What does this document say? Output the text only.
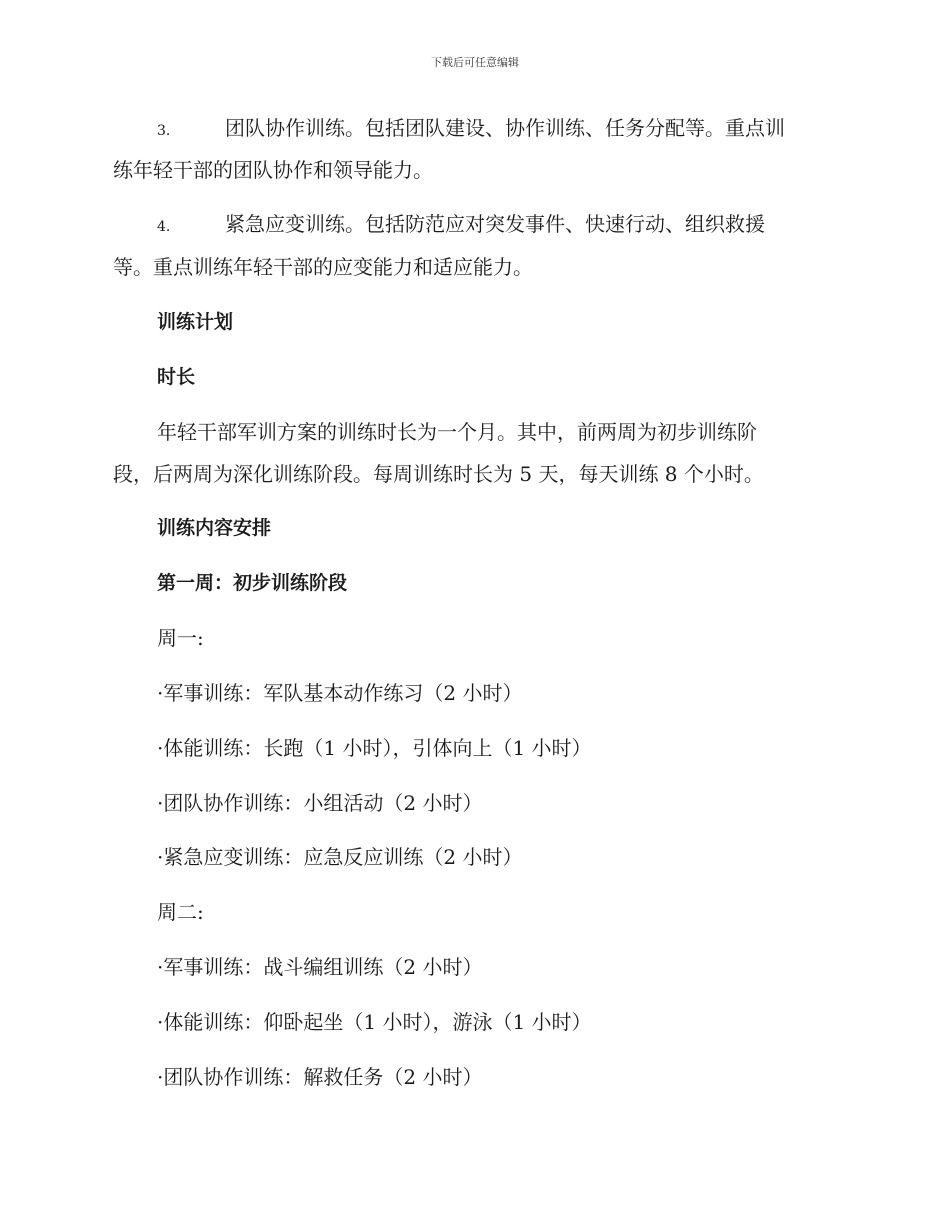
下载后可任意编辑
3.	团队协作训练。包括团队建设、协作训练、任务分配等。重点训
练年轻干部的团队协作和领导能力。
4.	紧急应变训练。包括防范应对突发事件、快速行动、组织救援
等。重点训练年轻干部的应变能力和适应能力。
训练计划
时长
年轻干部军训方案的训练时长为一个月。其中，前两周为初步训练阶
段，后两周为深化训练阶段。每周训练时长为 5 天，每天训练 8 个小时。
训练内容安排
第一周：初步训练阶段
周一:
·军事训练：军队基本动作练习（2 小时）
·体能训练：长跑（1 小时），引体向上（1 小时）
·团队协作训练：小组活动（2 小时）
·紧急应变训练：应急反应训练（2 小时）
周二:
·军事训练：战斗编组训练（2 小时）
·体能训练：仰卧起坐（1 小时），游泳（1 小时）
·团队协作训练：解救任务（2 小时）
